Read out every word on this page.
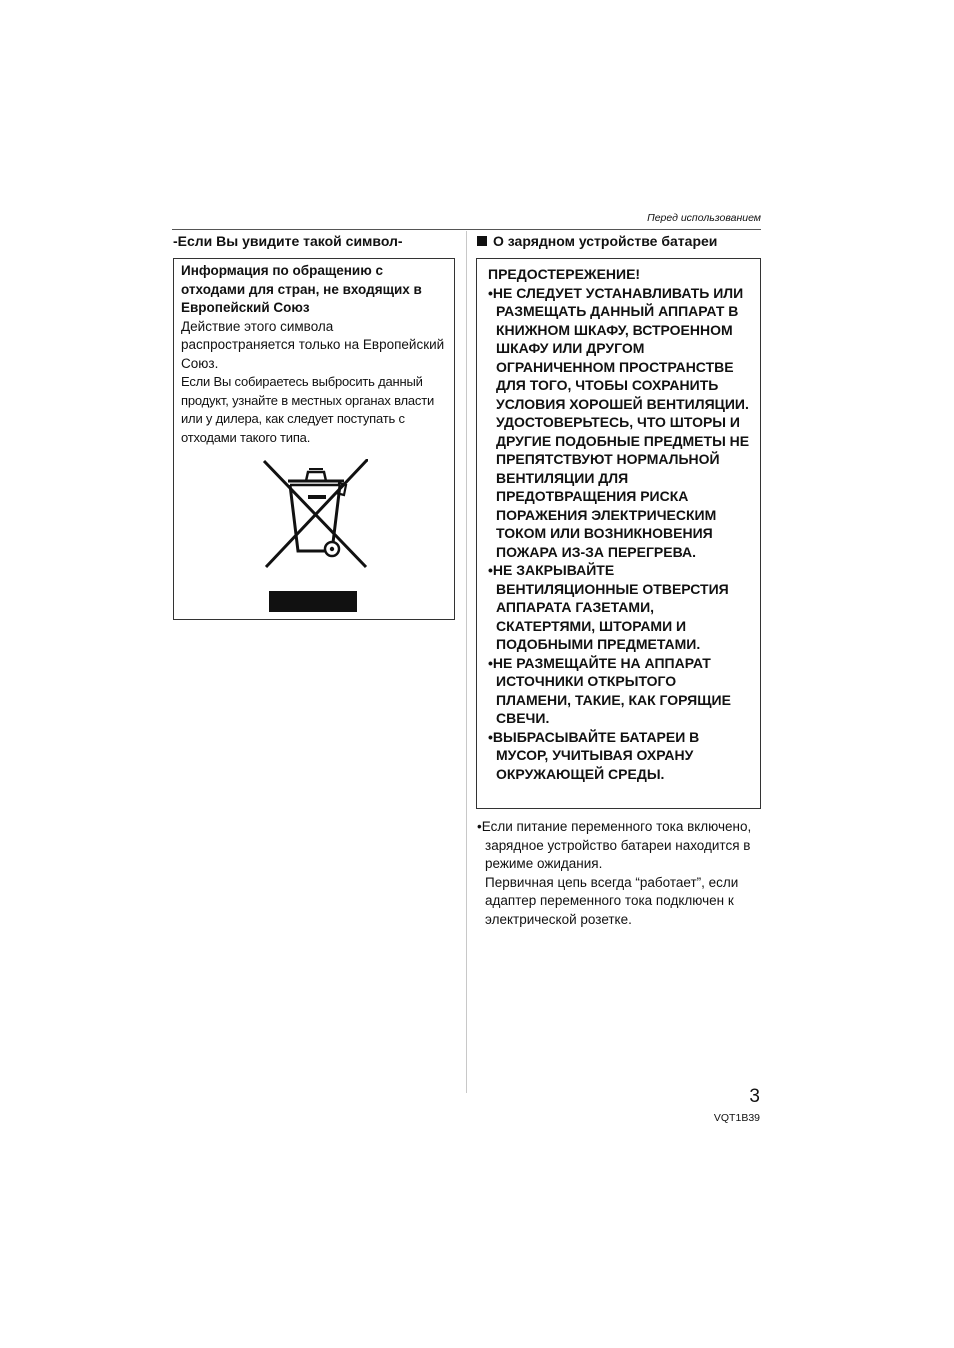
Перед использованием
-Если Вы увидите такой символ-

Информация по обращению с отходами для стран, не входящих в Европейский Союз

Действие этого символа распространяется только на Европейский Союз.

Если Вы собираетесь выбросить данный продукт, узнайте в местных органах власти или у дилера, как следует поступать с отходами такого типа.

О зарядном устройстве батареи

ПРЕДОСТЕРЕЖЕНИЕ!

•НЕ СЛЕДУЕТ УСТАНАВЛИВАТЬ ИЛИ РАЗМЕЩАТЬ ДАННЫЙ АППАРАТ В КНИЖНОМ ШКАФУ, ВСТРОЕННОМ ШКАФУ ИЛИ ДРУГОМ ОГРАНИЧЕННОМ ПРОСТРАНСТВЕ ДЛЯ ТОГО, ЧТОБЫ СОХРАНИТЬ УСЛОВИЯ ХОРОШЕЙ ВЕНТИЛЯЦИИ. УДОСТОВЕРЬТЕСЬ, ЧТО ШТОРЫ И ДРУГИЕ ПОДОБНЫЕ ПРЕДМЕТЫ НЕ ПРЕПЯТСТВУЮТ НОРМАЛЬНОЙ ВЕНТИЛЯЦИИ ДЛЯ ПРЕДОТВРАЩЕНИЯ РИСКА ПОРАЖЕНИЯ ЭЛЕКТРИЧЕСКИМ ТОКОМ ИЛИ ВОЗНИКНОВЕНИЯ ПОЖАРА ИЗ-ЗА ПЕРЕГРЕВА.

•НЕ ЗАКРЫВАЙТЕ ВЕНТИЛЯЦИОННЫЕ ОТВЕРСТИЯ АППАРАТА ГАЗЕТАМИ, СКАТЕРТЯМИ, ШТОРАМИ И ПОДОБНЫМИ ПРЕДМЕТАМИ.

•НЕ РАЗМЕЩАЙТЕ НА АППАРАТ ИСТОЧНИКИ ОТКРЫТОГО ПЛАМЕНИ, ТАКИЕ, КАК ГОРЯЩИЕ СВЕЧИ.

•ВЫБРАСЫВАЙТЕ БАТАРЕИ В МУСОР, УЧИТЫВАЯ ОХРАНУ ОКРУЖАЮЩЕЙ СРЕДЫ.

•Если питание переменного тока включено, зарядное устройство батареи находится в режиме ожидания.

Первичная цепь всегда “работает”, если адаптер переменного тока подключен к электрической розетке.

3
VQT1B39
